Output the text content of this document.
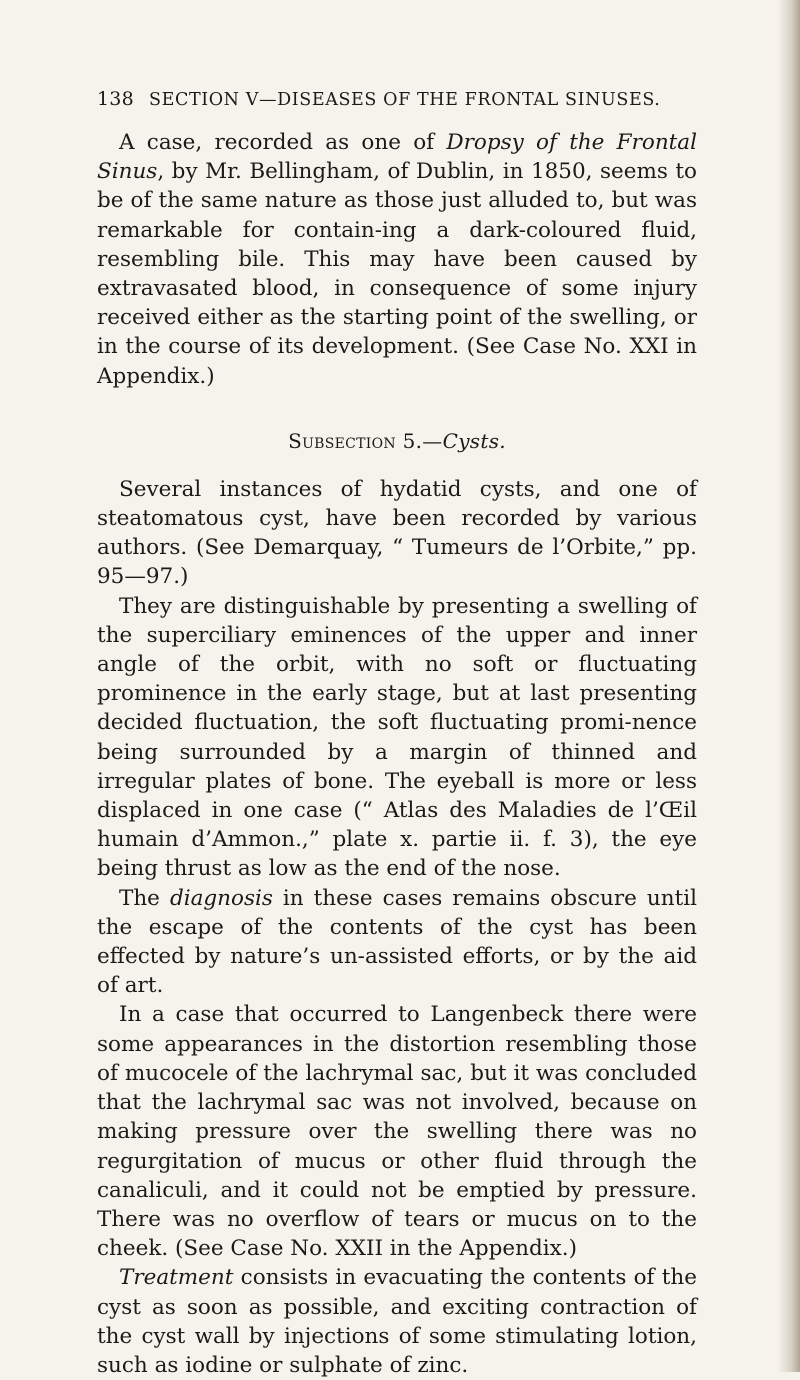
138 SECTION V—DISEASES OF THE FRONTAL SINUSES.

A case, recorded as one of Dropsy of the Frontal Sinus, by Mr. Bellingham, of Dublin, in 1850, seems to be of the same nature as those just alluded to, but was remarkable for contain-ing a dark-coloured fluid, resembling bile. This may have been caused by extravasated blood, in consequence of some injury received either as the starting point of the swelling, or in the course of its development. (See Case No. XXI in Appendix.)

Subsection 5.—Cysts.

Several instances of hydatid cysts, and one of steatomatous cyst, have been recorded by various authors. (See Demarquay, “ Tumeurs de l’Orbite,” pp. 95—97.)

They are distinguishable by presenting a swelling of the superciliary eminences of the upper and inner angle of the orbit, with no soft or fluctuating prominence in the early stage, but at last presenting decided fluctuation, the soft fluctuating promi-nence being surrounded by a margin of thinned and irregular plates of bone. The eyeball is more or less displaced in one case (“ Atlas des Maladies de l’Œil humain d’Ammon.,” plate x. partie ii. f. 3), the eye being thrust as low as the end of the nose.

The diagnosis in these cases remains obscure until the escape of the contents of the cyst has been effected by nature’s un-assisted efforts, or by the aid of art.

In a case that occurred to Langenbeck there were some appearances in the distortion resembling those of mucocele of the lachrymal sac, but it was concluded that the lachrymal sac was not involved, because on making pressure over the swelling there was no regurgitation of mucus or other fluid through the canaliculi, and it could not be emptied by pressure. There was no overflow of tears or mucus on to the cheek. (See Case No. XXII in the Appendix.)

Treatment consists in evacuating the contents of the cyst as soon as possible, and exciting contraction of the cyst wall by injections of some stimulating lotion, such as iodine or sulphate of zinc.
